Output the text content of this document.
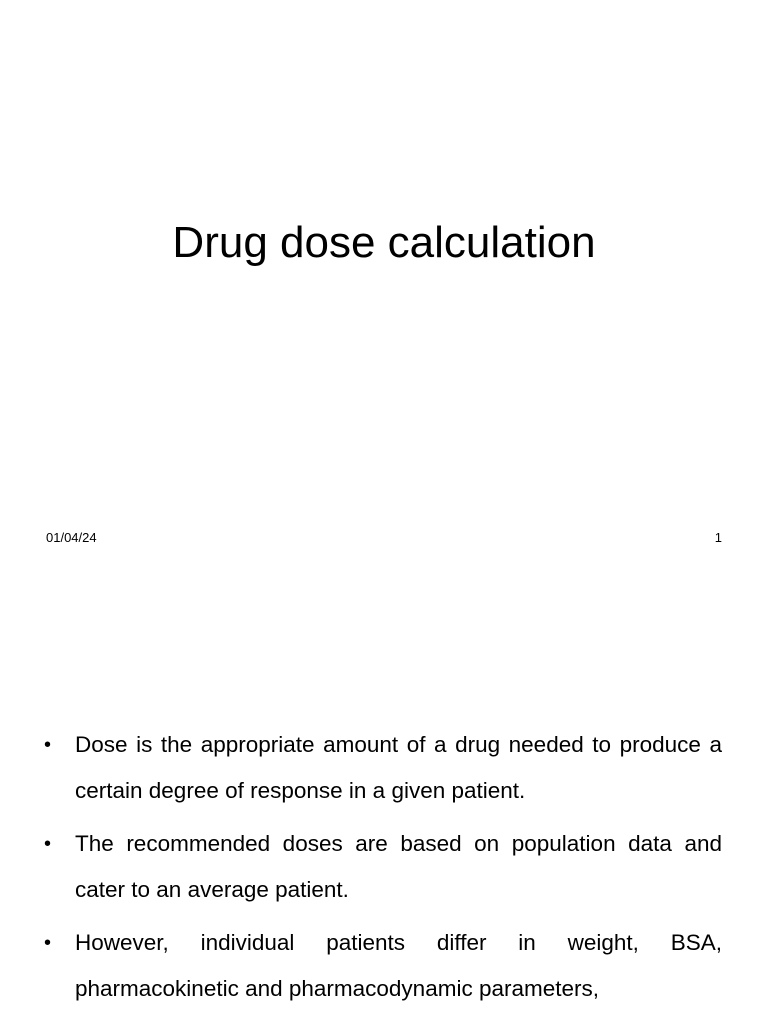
Drug dose calculation
01/04/24	1
• Dose is the appropriate amount of a drug needed to produce a certain degree of response in a given patient.
• The recommended doses are based on population data and cater to an average patient.
• However, individual patients differ in weight, BSA, pharmacokinetic and pharmacodynamic parameters,
